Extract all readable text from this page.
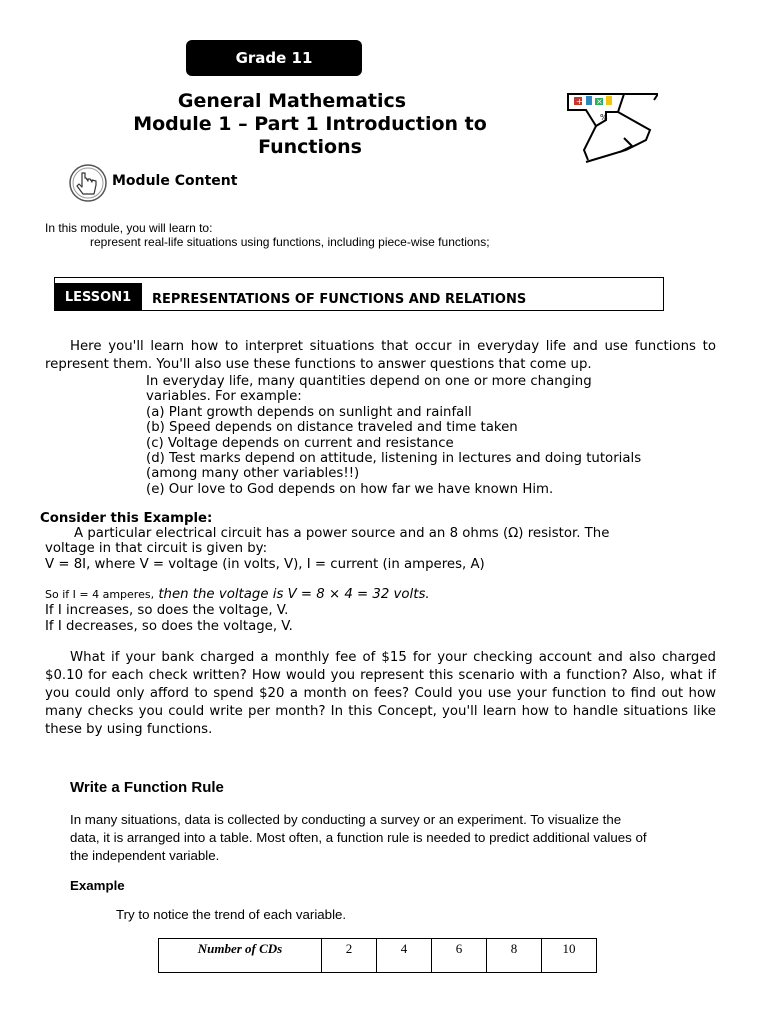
Grade 11
General Mathematics
Module 1 – Part 1 Introduction to
Functions
+ ×
%
Module Content
In this module, you will learn to:
represent real-life situations using functions, including piece-wise functions;
LESSON1	REPRESENTATIONS OF FUNCTIONS AND RELATIONS

Here you'll learn how to interpret situations that occur in everyday life and use functions to represent them. You'll also use these functions to answer questions that come up.

In everyday life, many quantities depend on one or more changing
variables. For example:
(a) Plant growth depends on sunlight and rainfall
(b) Speed depends on distance traveled and time taken
(c) Voltage depends on current and resistance
(d) Test marks depend on attitude, listening in lectures and doing tutorials
(among many other variables!!)
(e) Our love to God depends on how far we have known Him.
Consider this Example:
A particular electrical circuit has a power source and an 8 ohms (Ω) resistor. The
voltage in that circuit is given by:
V = 8I, where V = voltage (in volts, V), I = current (in amperes, A)
So if I = 4 amperes, then the voltage is V = 8 × 4 = 32 volts.
If I increases, so does the voltage, V.
If I decreases, so does the voltage, V.

What if your bank charged a monthly fee of $15 for your checking account and also charged $0.10 for each check written? How would you represent this scenario with a function? Also, what if you could only afford to spend $20 a month on fees? Could you use your function to find out how many checks you could write per month? In this Concept, you'll learn how to handle situations like these by using functions.

Write a Function Rule
In many situations, data is collected by conducting a survey or an experiment. To visualize the data, it is arranged into a table. Most often, a function rule is needed to predict additional values of the independent variable.
Example
Try to notice the trend of each variable.
Number of CDs	2	4	6	8	10
